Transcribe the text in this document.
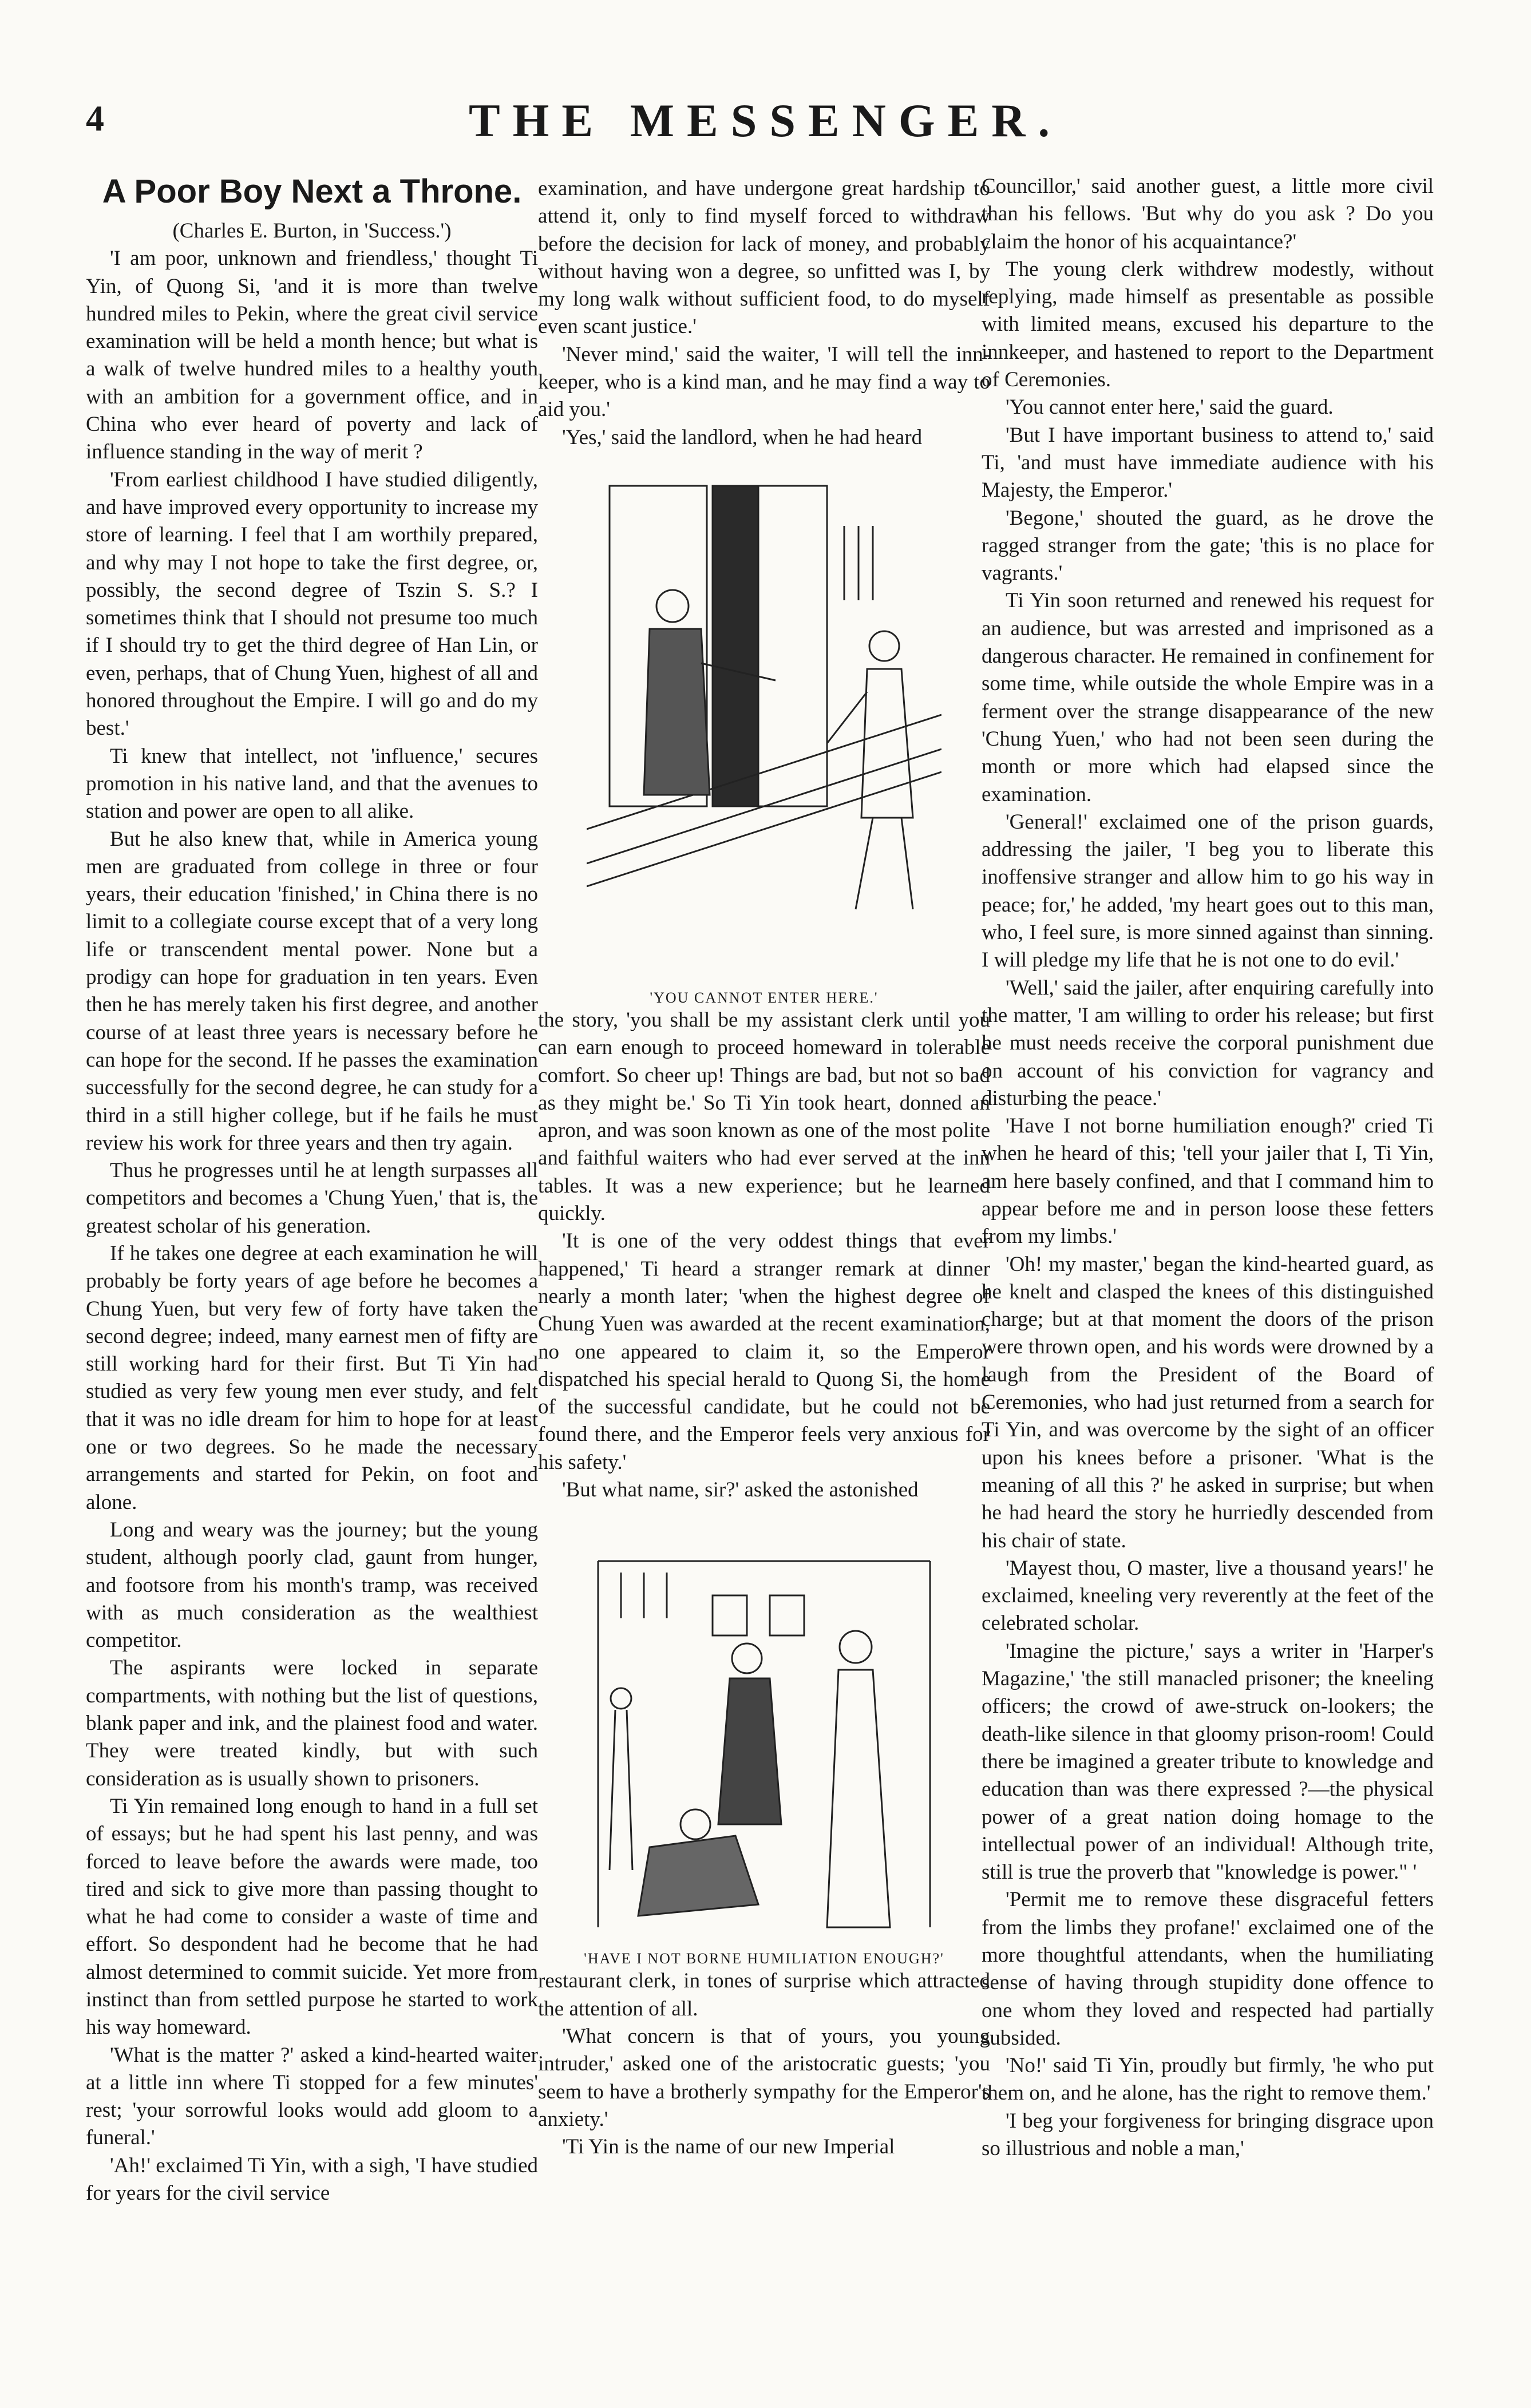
4	THE MESSENGER.
A Poor Boy Next a Throne.

(Charles E. Burton, in 'Success.')

'I am poor, unknown and friendless,' thought Ti Yin, of Quong Si, 'and it is more than twelve hundred miles to Pekin, where the great civil service examination will be held a month hence; but what is a walk of twelve hundred miles to a healthy youth with an ambition for a government office, and in China who ever heard of poverty and lack of influence standing in the way of merit ?

'From earliest childhood I have studied diligently, and have improved every opportunity to increase my store of learning. I feel that I am worthily prepared, and why may I not hope to take the first degree, or, possibly, the second degree of Tszin S. S.? I sometimes think that I should not presume too much if I should try to get the third degree of Han Lin, or even, perhaps, that of Chung Yuen, highest of all and honored throughout the Empire. I will go and do my best.'

Ti knew that intellect, not 'influence,' secures promotion in his native land, and that the avenues to station and power are open to all alike.

But he also knew that, while in America young men are graduated from college in three or four years, their education 'finished,' in China there is no limit to a collegiate course except that of a very long life or transcendent mental power. None but a prodigy can hope for graduation in ten years. Even then he has merely taken his first degree, and another course of at least three years is necessary before he can hope for the second. If he passes the examination successfully for the second degree, he can study for a third in a still higher college, but if he fails he must review his work for three years and then try again.

Thus he progresses until he at length surpasses all competitors and becomes a 'Chung Yuen,' that is, the greatest scholar of his generation.

If he takes one degree at each examination he will probably be forty years of age before he becomes a Chung Yuen, but very few of forty have taken the second degree; indeed, many earnest men of fifty are still working hard for their first. But Ti Yin had studied as very few young men ever study, and felt that it was no idle dream for him to hope for at least one or two degrees. So he made the necessary arrangements and started for Pekin, on foot and alone.

Long and weary was the journey; but the young student, although poorly clad, gaunt from hunger, and footsore from his month's tramp, was received with as much consideration as the wealthiest competitor.

The aspirants were locked in separate compartments, with nothing but the list of questions, blank paper and ink, and the plainest food and water. They were treated kindly, but with such consideration as is usually shown to prisoners.

Ti Yin remained long enough to hand in a full set of essays; but he had spent his last penny, and was forced to leave before the awards were made, too tired and sick to give more than passing thought to what he had come to consider a waste of time and effort. So despondent had he become that he had almost determined to commit suicide. Yet more from instinct than from settled purpose he started to work his way homeward.

'What is the matter ?' asked a kind-hearted waiter at a little inn where Ti stopped for a few minutes' rest; 'your sorrowful looks would add gloom to a funeral.'

'Ah!' exclaimed Ti Yin, with a sigh, 'I have studied for years for the civil service

examination, and have undergone great hardship to attend it, only to find myself forced to withdraw before the decision for lack of money, and probably without having won a degree, so unfitted was I, by my long walk without sufficient food, to do myself even scant justice.'

'Never mind,' said the waiter, 'I will tell the inn-keeper, who is a kind man, and he may find a way to aid you.'

'Yes,' said the landlord, when he had heard

'YOU CANNOT ENTER HERE.'

the story, 'you shall be my assistant clerk until you can earn enough to proceed homeward in tolerable comfort. So cheer up! Things are bad, but not so bad as they might be.' So Ti Yin took heart, donned an apron, and was soon known as one of the most polite and faithful waiters who had ever served at the inn tables. It was a new experience; but he learned quickly.

'It is one of the very oddest things that ever happened,' Ti heard a stranger remark at dinner nearly a month later; 'when the highest degree of Chung Yuen was awarded at the recent examination, no one appeared to claim it, so the Emperor dispatched his special herald to Quong Si, the home of the successful candidate, but he could not be found there, and the Emperor feels very anxious for his safety.'

'But what name, sir?' asked the astonished

'HAVE I NOT BORNE HUMILIATION ENOUGH?'

restaurant clerk, in tones of surprise which attracted the attention of all.

'What concern is that of yours, you young intruder,' asked one of the aristocratic guests; 'you seem to have a brotherly sympathy for the Emperor's anxiety.'

'Ti Yin is the name of our new Imperial

Councillor,' said another guest, a little more civil than his fellows. 'But why do you ask ? Do you claim the honor of his acquaintance?'

The young clerk withdrew modestly, without replying, made himself as presentable as possible with limited means, excused his departure to the innkeeper, and hastened to report to the Department of Ceremonies.

'You cannot enter here,' said the guard.

'But I have important business to attend to,' said Ti, 'and must have immediate audience with his Majesty, the Emperor.'

'Begone,' shouted the guard, as he drove the ragged stranger from the gate; 'this is no place for vagrants.'

Ti Yin soon returned and renewed his request for an audience, but was arrested and imprisoned as a dangerous character. He remained in confinement for some time, while outside the whole Empire was in a ferment over the strange disappearance of the new 'Chung Yuen,' who had not been seen during the month or more which had elapsed since the examination.

'General!' exclaimed one of the prison guards, addressing the jailer, 'I beg you to liberate this inoffensive stranger and allow him to go his way in peace; for,' he added, 'my heart goes out to this man, who, I feel sure, is more sinned against than sinning. I will pledge my life that he is not one to do evil.'

'Well,' said the jailer, after enquiring carefully into the matter, 'I am willing to order his release; but first he must needs receive the corporal punishment due on account of his conviction for vagrancy and disturbing the peace.'

'Have I not borne humiliation enough?' cried Ti when he heard of this; 'tell your jailer that I, Ti Yin, am here basely confined, and that I command him to appear before me and in person loose these fetters from my limbs.'

'Oh! my master,' began the kind-hearted guard, as he knelt and clasped the knees of this distinguished charge; but at that moment the doors of the prison were thrown open, and his words were drowned by a laugh from the President of the Board of Ceremonies, who had just returned from a search for Ti Yin, and was overcome by the sight of an officer upon his knees before a prisoner. 'What is the meaning of all this ?' he asked in surprise; but when he had heard the story he hurriedly descended from his chair of state.

'Mayest thou, O master, live a thousand years!' he exclaimed, kneeling very reverently at the feet of the celebrated scholar.

'Imagine the picture,' says a writer in 'Harper's Magazine,' 'the still manacled prisoner; the kneeling officers; the crowd of awe-struck on-lookers; the death-like silence in that gloomy prison-room! Could there be imagined a greater tribute to knowledge and education than was there expressed ?—the physical power of a great nation doing homage to the intellectual power of an individual! Although trite, still is true the proverb that "knowledge is power." '

'Permit me to remove these disgraceful fetters from the limbs they profane!' exclaimed one of the more thoughtful attendants, when the humiliating sense of having through stupidity done offence to one whom they loved and respected had partially subsided.

'No!' said Ti Yin, proudly but firmly, 'he who put them on, and he alone, has the right to remove them.'

'I beg your forgiveness for bringing disgrace upon so illustrious and noble a man,'
